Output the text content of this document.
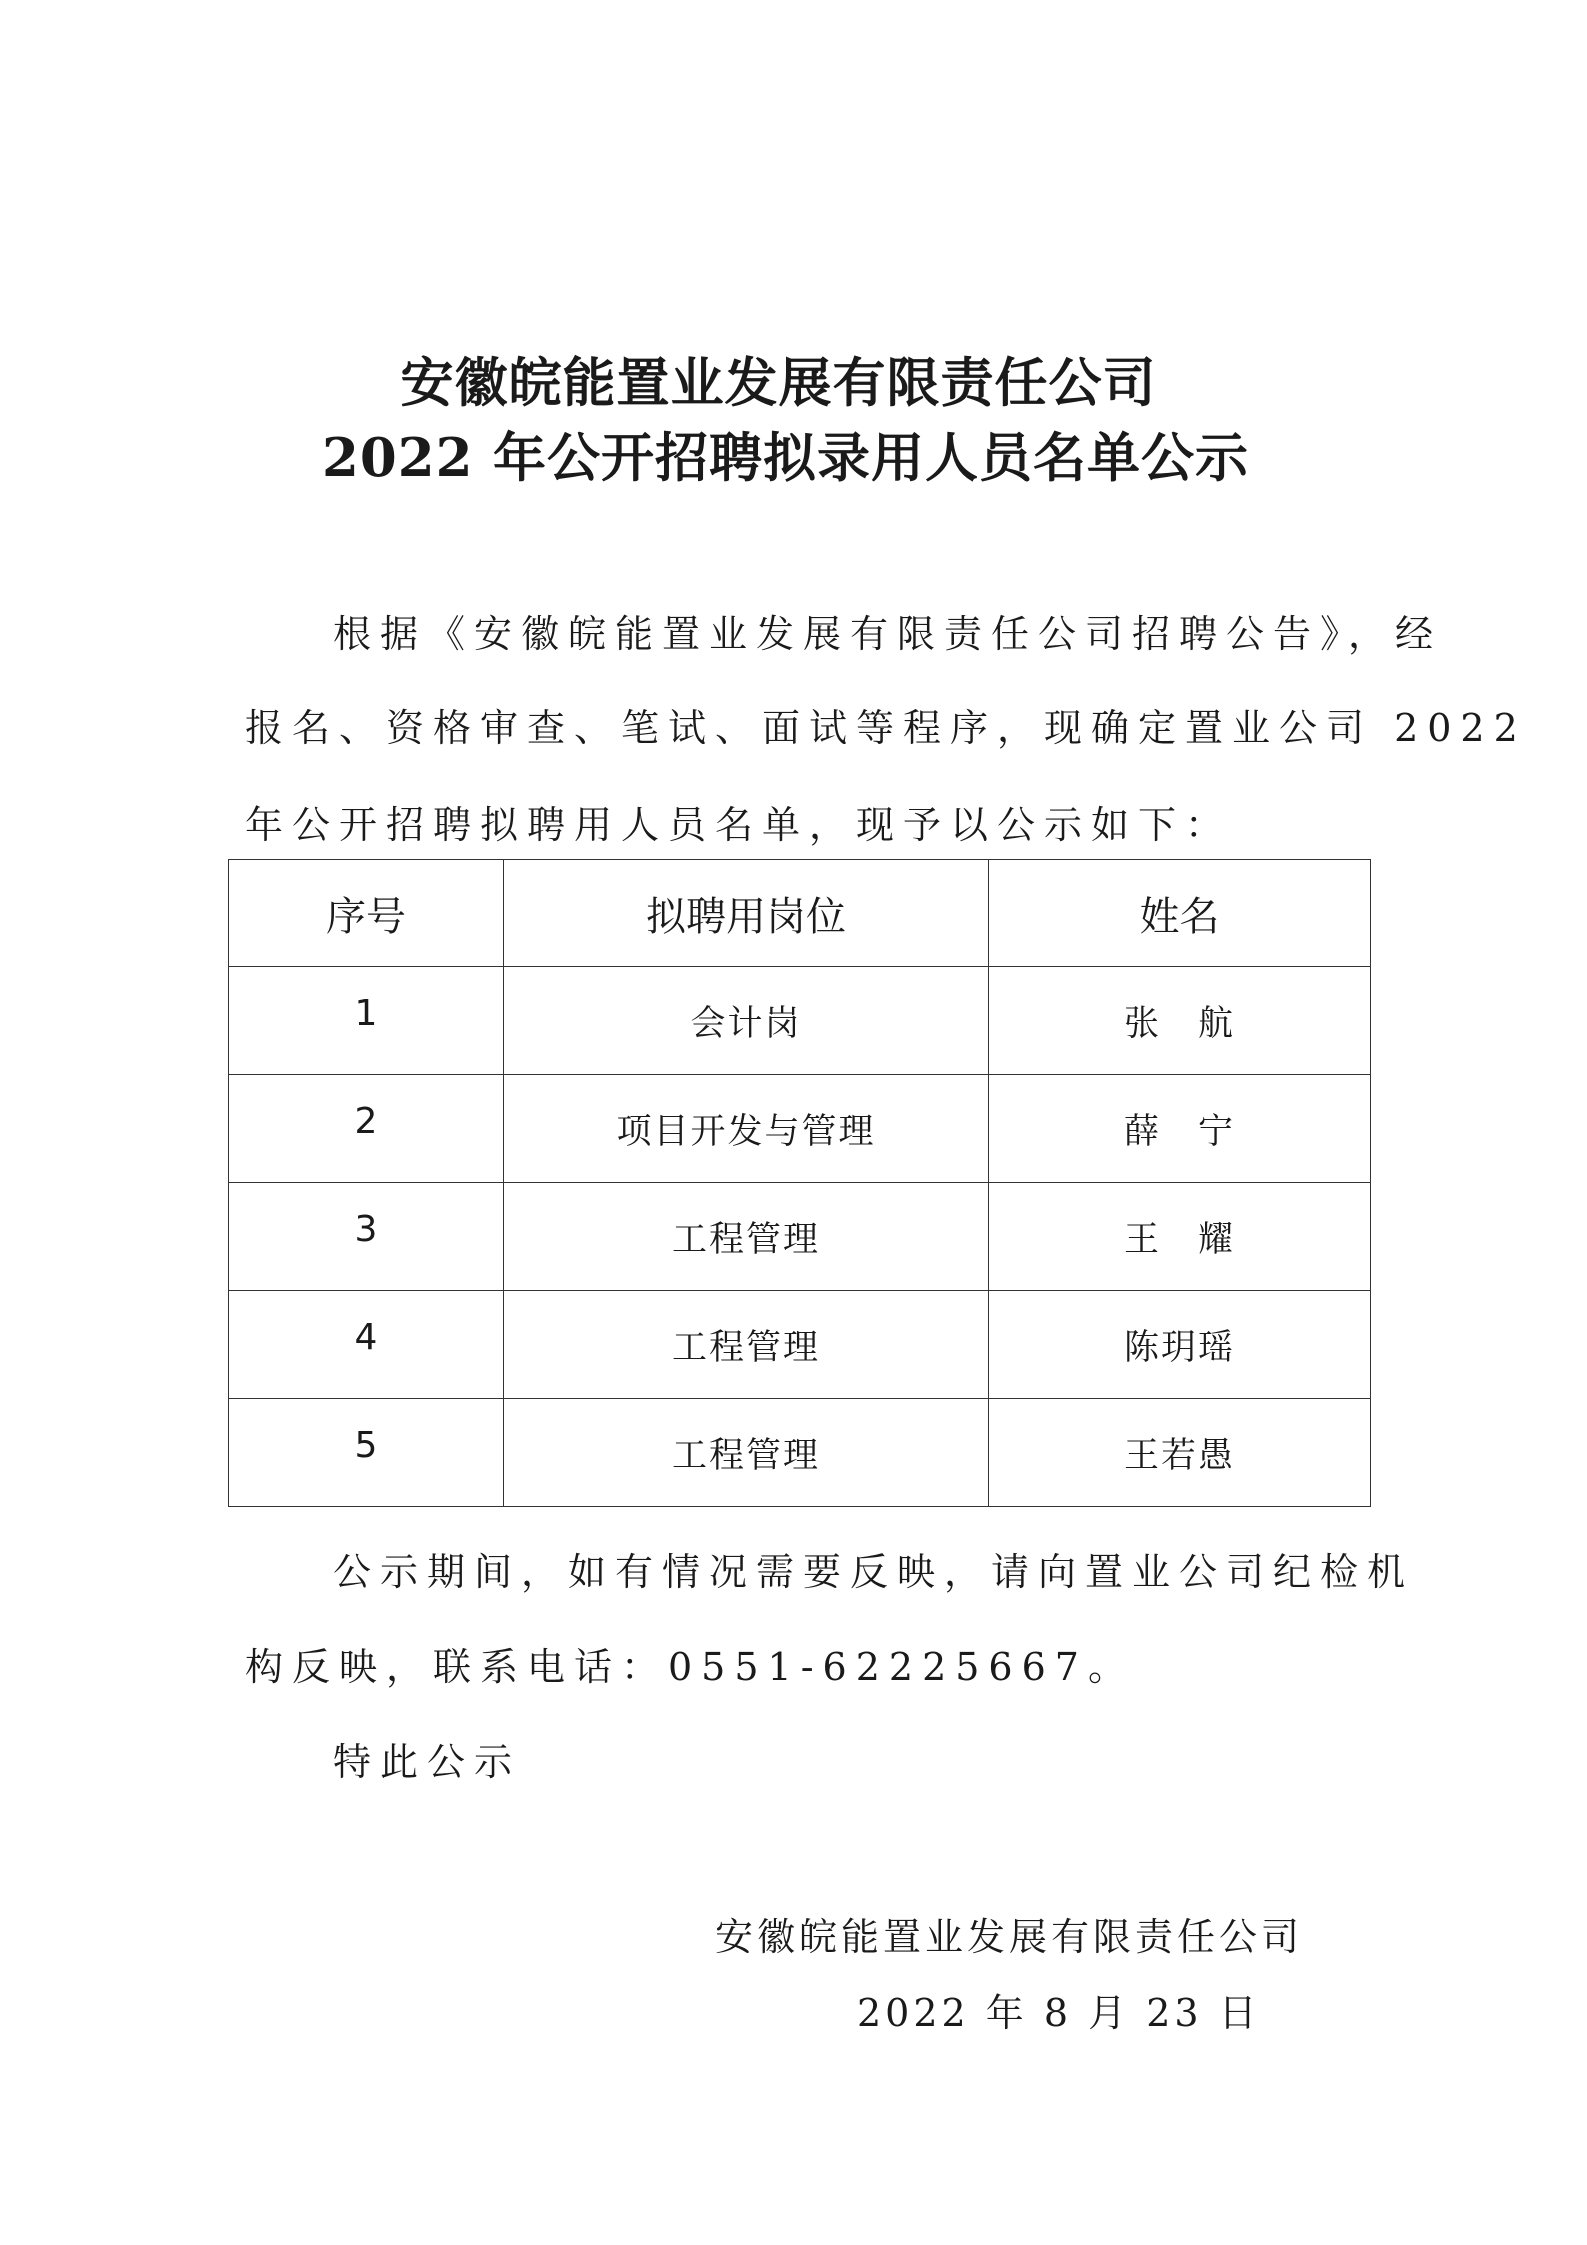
安徽皖能置业发展有限责任公司
2022 年公开招聘拟录用人员名单公示
根据《安徽皖能置业发展有限责任公司招聘公告》，经
报名、资格审查、笔试、面试等程序，现确定置业公司 2022
年公开招聘拟聘用人员名单，现予以公示如下：
序号	拟聘用岗位	姓名
1	会计岗	张　航
2	项目开发与管理	薛　宁
3	工程管理	王　耀
4	工程管理	陈玥瑶
5	工程管理	王若愚
公示期间，如有情况需要反映，请向置业公司纪检机
构反映，联系电话：0551-62225667。
特此公示
安徽皖能置业发展有限责任公司
2022 年 8 月 23 日
